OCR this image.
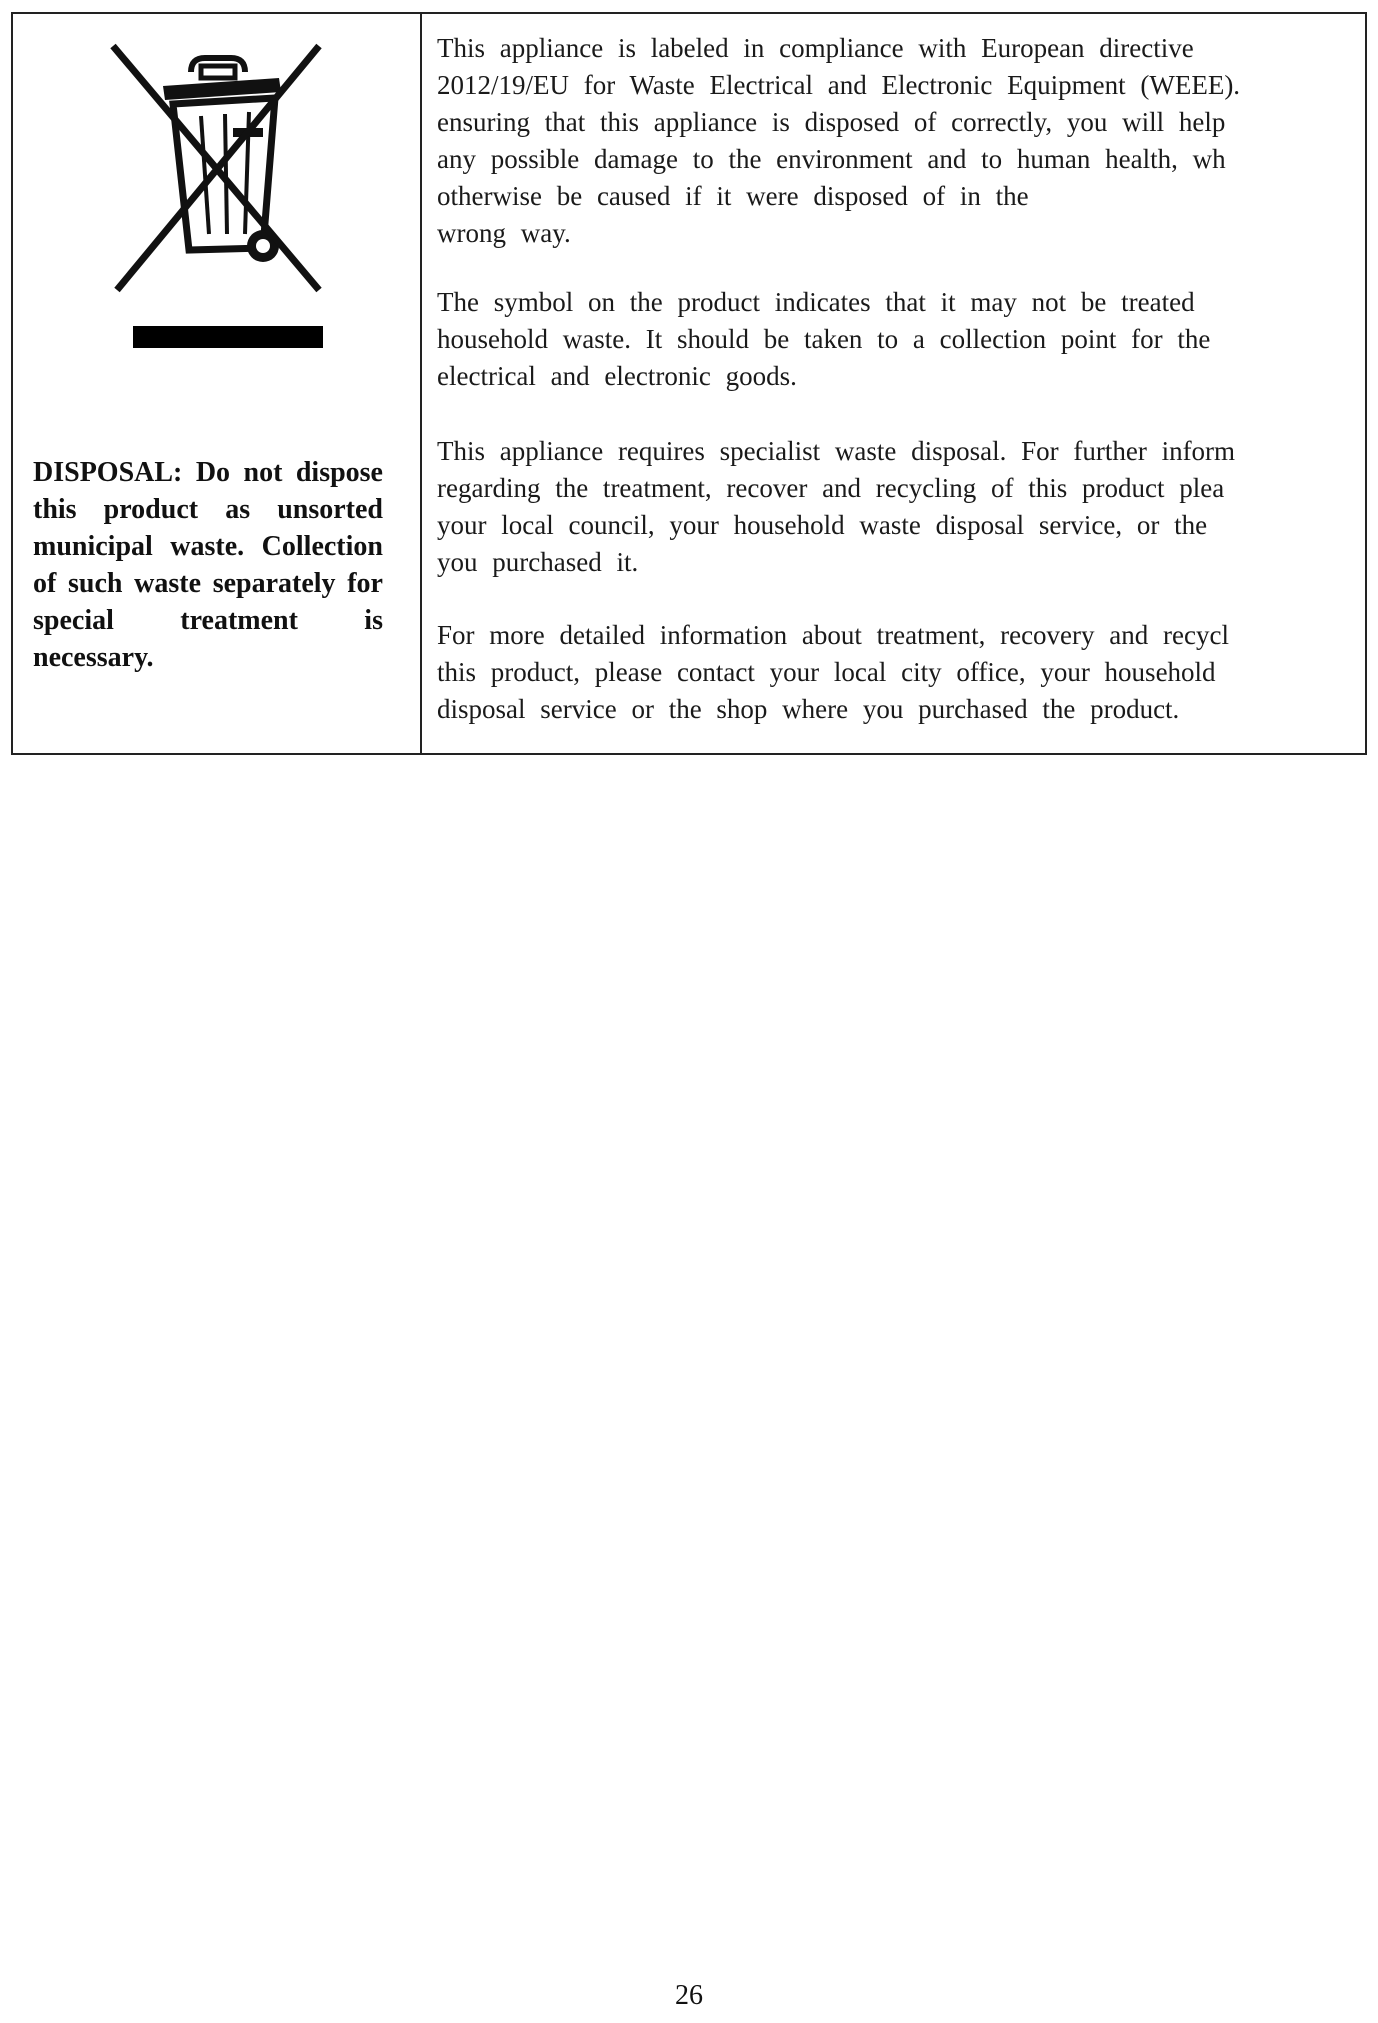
DISPOSAL: Do not dispose this product as unsorted municipal waste. Collection of such waste separately for special treatment is necessary.
This appliance is labeled in compliance with European directive
2012/19/EU for Waste Electrical and Electronic Equipment (WEEE).
ensuring that this appliance is disposed of correctly, you will help
any possible damage to the environment and to human health, wh
otherwise be caused if it were disposed of in the
wrong way.
The symbol on the product indicates that it may not be treated
household waste. It should be taken to a collection point for the
electrical and electronic goods.
This appliance requires specialist waste disposal. For further inform
regarding the treatment, recover and recycling of this product plea
your local council, your household waste disposal service, or the
you purchased it.
For more detailed information about treatment, recovery and recycl
this product, please contact your local city office, your household
disposal service or the shop where you purchased the product.
26
